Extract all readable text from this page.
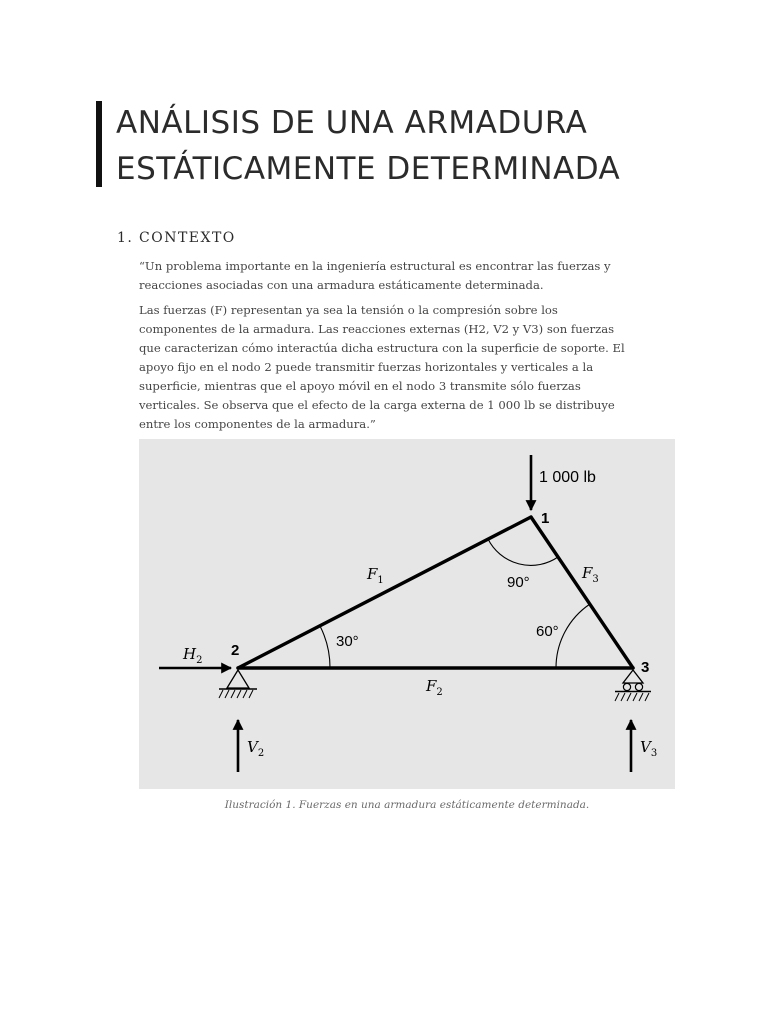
ANÁLISIS DE UNA ARMADURA
ESTÁTICAMENTE DETERMINADA
1. CONTEXTO

“Un problema importante en la ingeniería estructural es encontrar las fuerzas y reacciones asociadas con una armadura estáticamente determinada.

Las fuerzas (F) representan ya sea la tensión o la compresión sobre los componentes de la armadura. Las reacciones externas (H2, V2 y V3) son fuerzas que caracterizan cómo interactúa dicha estructura con la superficie de soporte. El apoyo fijo en el nodo 2 puede transmitir fuerzas horizontales y verticales a la superficie, mientras que el apoyo móvil en el nodo 3 transmite sólo fuerzas verticales. Se observa que el efecto de la carga externa de 1 000 lb se distribuye entre los componentes de la armadura.”

1 000 lb
1
2
3
$F_1$
$F_2$
$F_3$
$H_2$
$V_2$	$V_3$
30°
60°
90°

Ilustración 1. Fuerzas en una armadura estáticamente determinada.
